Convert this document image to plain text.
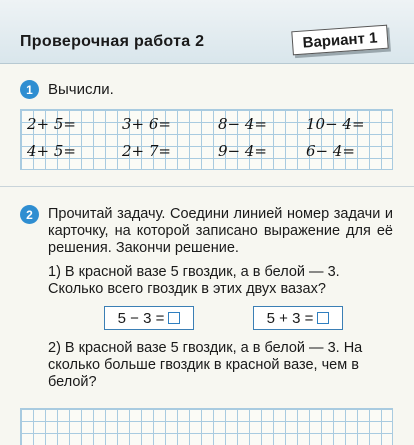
Проверочная работа 2	Вариант 1
1	Вычисли.
2+ 5=	3+ 6=	8− 4=	10− 4=
4+ 5=	2+ 7=	9− 4=	6− 4=
2	Прочитай задачу. Соедини линией номер задачи и карточку, на которой записано выражение для её решения. Закончи решение.
1) В красной вазе 5 гвоздик, а в белой — 3. Сколько всего гвоздик в этих двух вазах?
5 − 3 =	5 + 3 =
2) В красной вазе 5 гвоздик, а в белой — 3. На сколько больше гвоздик в красной вазе, чем в белой?
